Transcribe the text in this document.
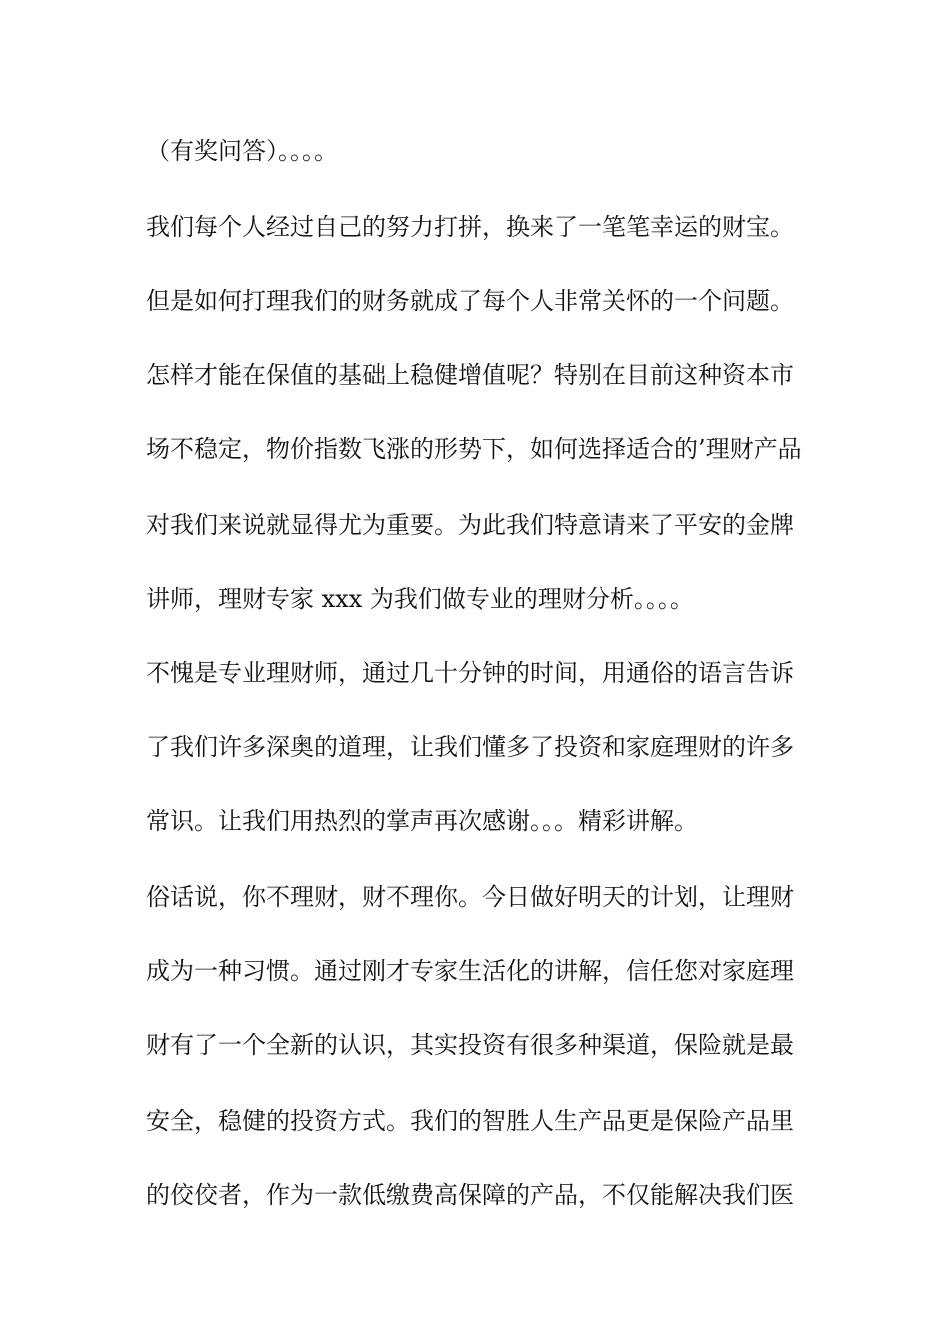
（有奖问答）。。。。
我们每个人经过自己的努力打拼，换来了一笔笔幸运的财宝。
但是如何打理我们的财务就成了每个人非常关怀的一个问题。
怎样才能在保值的基础上稳健增值呢？特别在目前这种资本市
场不稳定，物价指数飞涨的形势下，如何选择适合的’理财产品
对我们来说就显得尤为重要。为此我们特意请来了平安的金牌
讲师，理财专家 xxx 为我们做专业的理财分析。。。。
不愧是专业理财师，通过几十分钟的时间，用通俗的语言告诉
了我们许多深奥的道理，让我们懂多了投资和家庭理财的许多
常识。让我们用热烈的掌声再次感谢。。。精彩讲解。
俗话说，你不理财，财不理你。今日做好明天的计划，让理财
成为一种习惯。通过刚才专家生活化的讲解，信任您对家庭理
财有了一个全新的认识，其实投资有很多种渠道，保险就是最
安全，稳健的投资方式。我们的智胜人生产品更是保险产品里
的佼佼者，作为一款低缴费高保障的产品，不仅能解决我们医
